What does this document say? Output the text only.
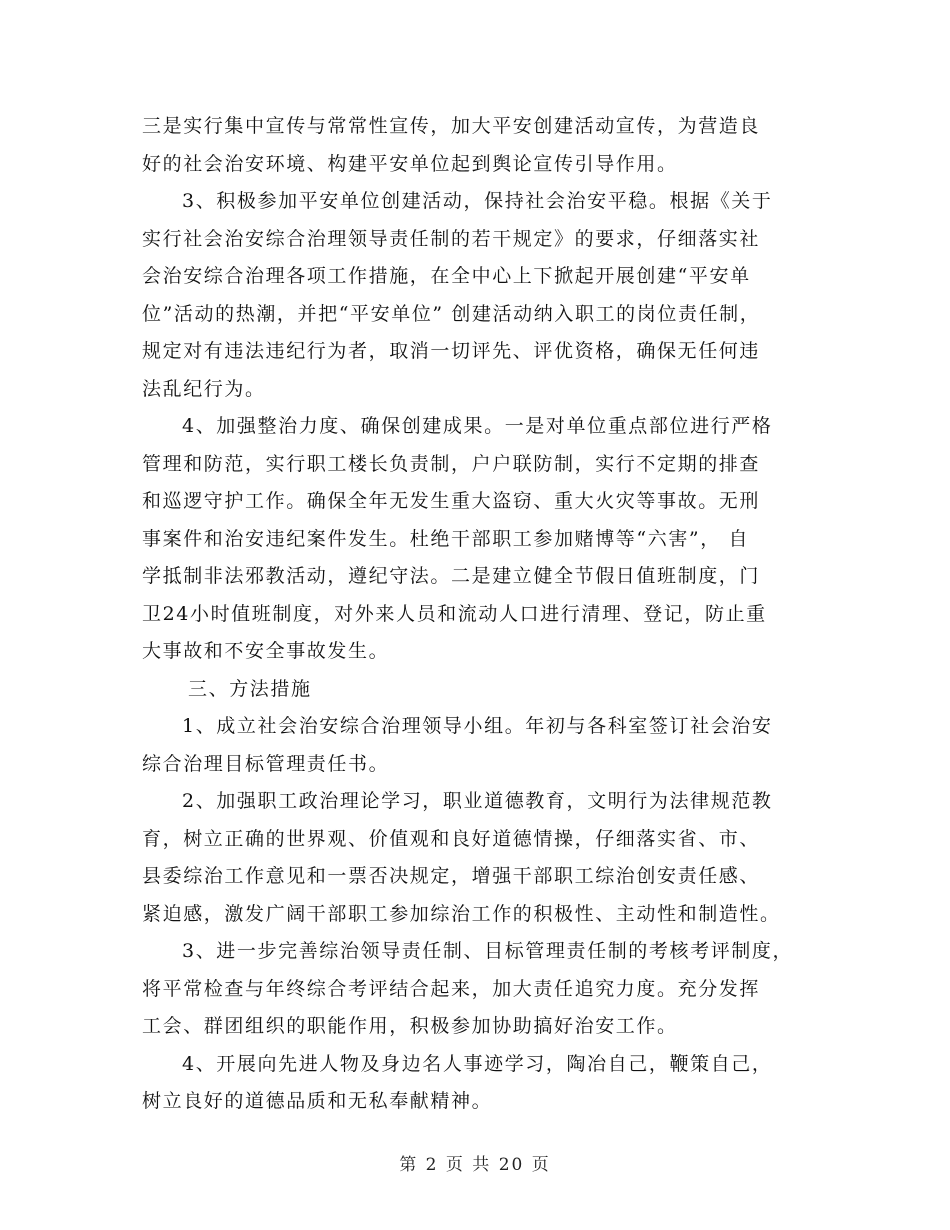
三是实行集中宣传与常常性宣传，加大平安创建活动宣传，为营造良
好的社会治安环境、构建平安单位起到舆论宣传引导作用。
3、积极参加平安单位创建活动，保持社会治安平稳。根据《关于
实行社会治安综合治理领导责任制的若干规定》的要求，仔细落实社
会治安综合治理各项工作措施，在全中心上下掀起开展创建“平安单
位”活动的热潮，并把“平安单位” 创建活动纳入职工的岗位责任制，
规定对有违法违纪行为者，取消一切评先、评优资格，确保无任何违
法乱纪行为。
4、加强整治力度、确保创建成果。一是对单位重点部位进行严格
管理和防范，实行职工楼长负责制，户户联防制，实行不定期的排查
和巡逻守护工作。确保全年无发生重大盗窃、重大火灾等事故。无刑
事案件和治安违纪案件发生。杜绝干部职工参加赌博等“六害”， 自
学抵制非法邪教活动，遵纪守法。二是建立健全节假日值班制度，门
卫24小时值班制度，对外来人员和流动人口进行清理、登记，防止重
大事故和不安全事故发生。
三、方法措施
1、成立社会治安综合治理领导小组。年初与各科室签订社会治安
综合治理目标管理责任书。
2、加强职工政治理论学习，职业道德教育，文明行为法律规范教
育，树立正确的世界观、价值观和良好道德情操，仔细落实省、市、
县委综治工作意见和一票否决规定，增强干部职工综治创安责任感、
紧迫感，激发广阔干部职工参加综治工作的积极性、主动性和制造性。
3、进一步完善综治领导责任制、目标管理责任制的考核考评制度，
将平常检查与年终综合考评结合起来，加大责任追究力度。充分发挥
工会、群团组织的职能作用，积极参加协助搞好治安工作。
4、开展向先进人物及身边名人事迹学习，陶冶自己，鞭策自己，
树立良好的道德品质和无私奉献精神。
第 2 页 共 20 页
